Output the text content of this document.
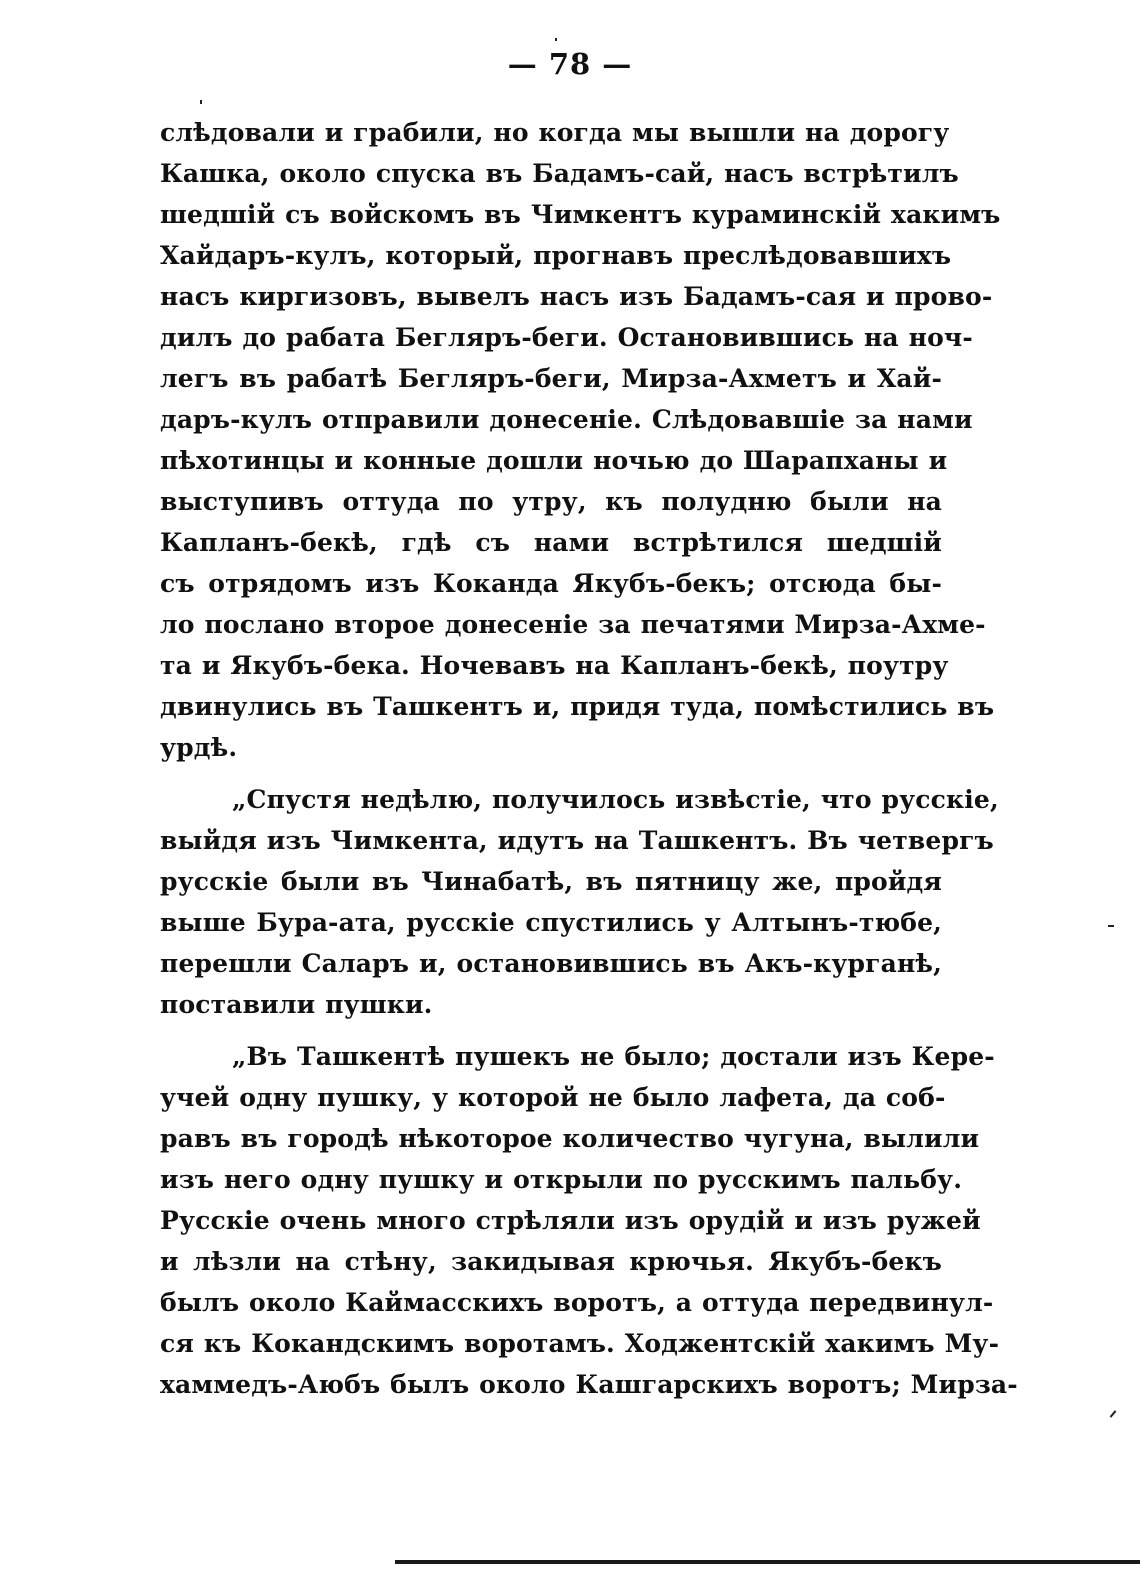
— 78 —
слѣдовали и грабили, но когда мы вышли на дорогу
Кашка, около спуска въ Бадамъ-сай, насъ встрѣтилъ
шедшiй съ войскомъ въ Чимкентъ кураминскiй хакимъ
Хайдаръ-кулъ, который, прогнавъ преслѣдовавшихъ
насъ киргизовъ, вывелъ насъ изъ Бадамъ-сая и прово-
дилъ до рабата Бегляръ-беги. Остановившись на ноч-
легъ въ рабатѣ Бегляръ-беги, Мирза-Ахметъ и Хай-
даръ-кулъ отправили донесенiе. Слѣдовавшiе за нами
пѣхотинцы и конные дошли ночью до Шарапханы и
выступивъ оттуда по утру, къ полудню были на
Капланъ-бекѣ, гдѣ съ нами встрѣтился шедшiй
съ отрядомъ изъ Коканда Якубъ-бекъ; отсюда бы-
ло послано второе донесенiе за печатями Мирза-Ахме-
та и Якубъ-бека. Ночевавъ на Капланъ-бекѣ, поутру
двинулись въ Ташкентъ и, придя туда, помѣстились въ
урдѣ.
„Спустя недѣлю, получилось извѣстiе, что русскiе,
выйдя изъ Чимкента, идутъ на Ташкентъ. Въ четвергъ
русскiе были въ Чинабатѣ, въ пятницу же, пройдя
выше Бура-ата, русскiе спустились у Алтынъ-тюбе,
перешли Саларъ и, остановившись въ Акъ-курганѣ,
поставили пушки.
„Въ Ташкентѣ пушекъ не было; достали изъ Кере-
учей одну пушку, у которой не было лафета, да соб-
равъ въ городѣ нѣкоторое количество чугуна, вылили
изъ него одну пушку и открыли по русскимъ пальбу.
Русскiе очень много стрѣляли изъ орудiй и изъ ружей
и лѣзли на стѣну, закидывая крючья. Якубъ-бекъ
былъ около Каймасскихъ воротъ, а оттуда передвинул-
ся къ Кокандскимъ воротамъ. Ходжентскiй хакимъ Му-
хаммедъ-Аюбъ былъ около Кашгарскихъ воротъ; Мирза-
